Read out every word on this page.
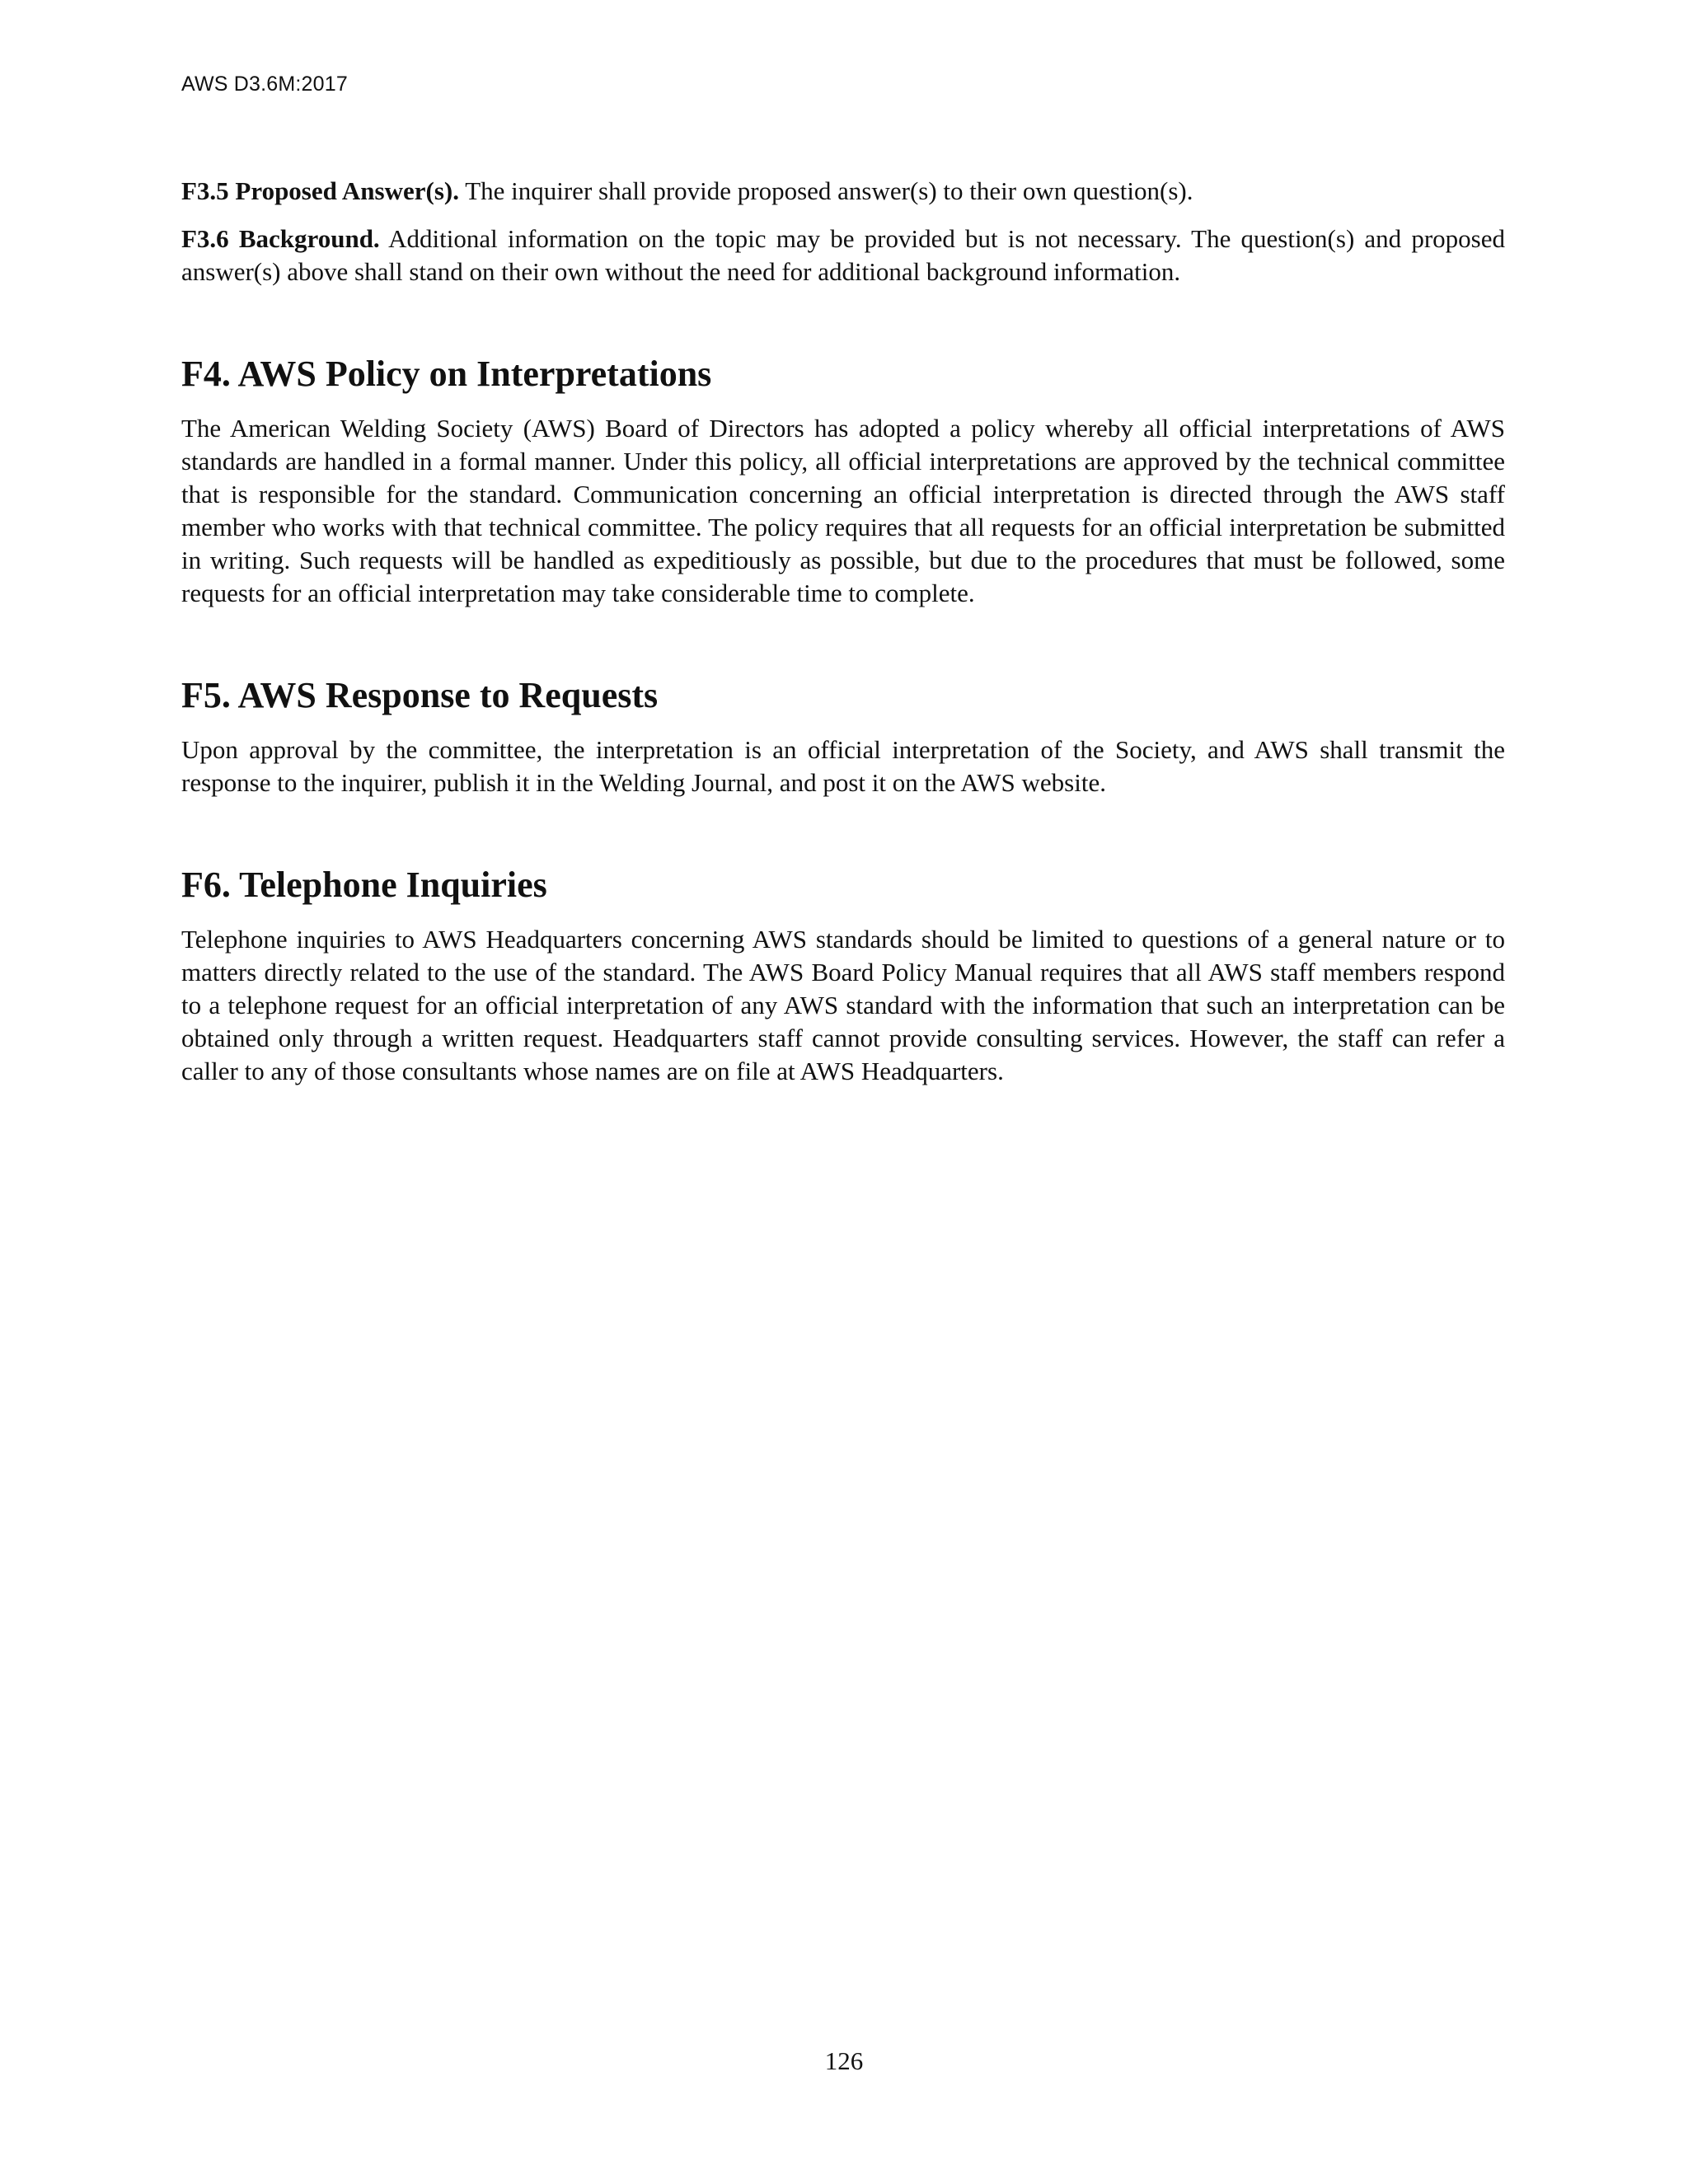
AWS D3.6M:2017

F3.5 Proposed Answer(s). The inquirer shall provide proposed answer(s) to their own question(s).

F3.6 Background. Additional information on the topic may be provided but is not necessary. The question(s) and proposed answer(s) above shall stand on their own without the need for additional background information.

F4. AWS Policy on Interpretations

The American Welding Society (AWS) Board of Directors has adopted a policy whereby all official interpretations of AWS standards are handled in a formal manner. Under this policy, all official interpretations are approved by the technical committee that is responsible for the standard. Communication concerning an official interpretation is directed through the AWS staff member who works with that technical committee. The policy requires that all requests for an official interpretation be submitted in writing. Such requests will be handled as expeditiously as possible, but due to the procedures that must be followed, some requests for an official interpretation may take considerable time to complete.

F5. AWS Response to Requests

Upon approval by the committee, the interpretation is an official interpretation of the Society, and AWS shall transmit the response to the inquirer, publish it in the Welding Journal, and post it on the AWS website.

F6. Telephone Inquiries

Telephone inquiries to AWS Headquarters concerning AWS standards should be limited to questions of a general nature or to matters directly related to the use of the standard. The AWS Board Policy Manual requires that all AWS staff members respond to a telephone request for an official interpretation of any AWS standard with the information that such an interpretation can be obtained only through a written request. Headquarters staff cannot provide consulting services. However, the staff can refer a caller to any of those consultants whose names are on file at AWS Headquarters.

126
